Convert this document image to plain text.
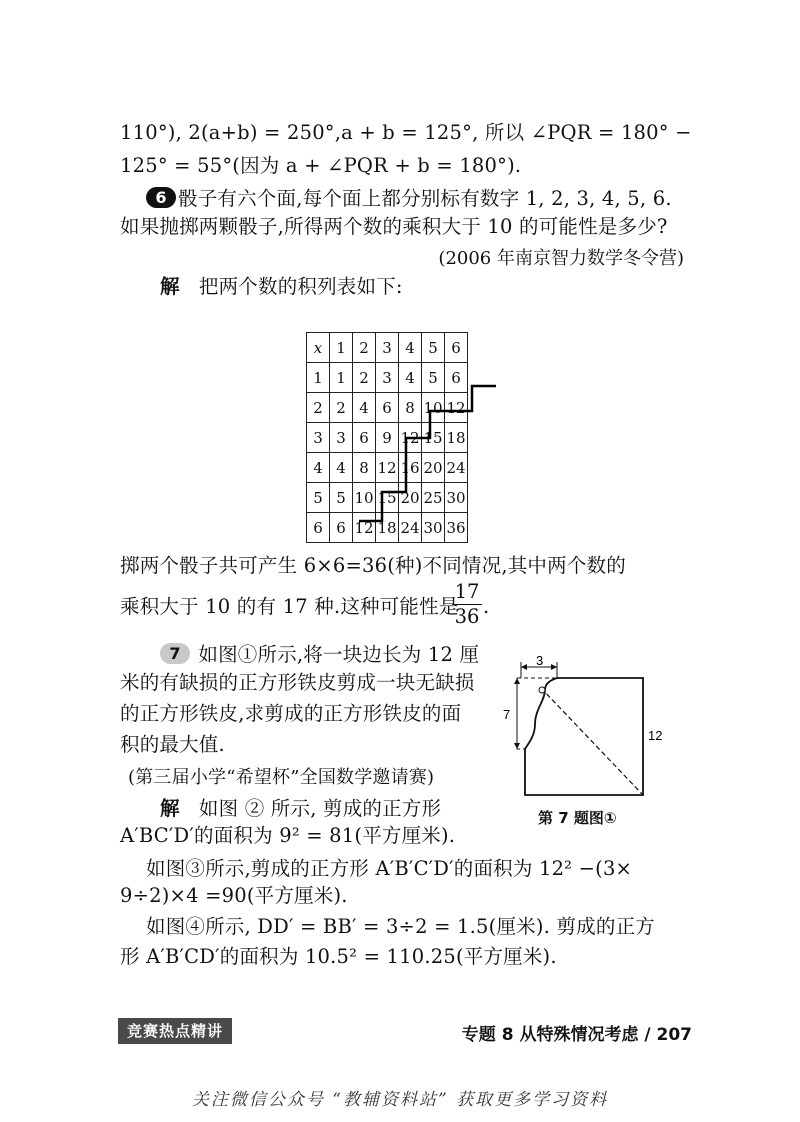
110°), 2(a+b) = 250°,a + b = 125°, 所以 ∠PQR = 180° −
125° = 55°(因为 a + ∠PQR + b = 180°).
6 骰子有六个面,每个面上都分别标有数字 1, 2, 3, 4, 5, 6.
如果抛掷两颗骰子,所得两个数的乘积大于 10 的可能性是多少?
(2006 年南京智力数学冬令营)
解 把两个数的积列表如下:
x	1	2	3	4	5	6
1	1	2	3	4	5	6
2	2	4	6	8	10	12
3	3	6	9	12	15	18
4	4	8	12	16	20	24
5	5	10	15	20	25	30
6	6	12	18	24	30	36
掷两个骰子共可产生 6×6=36(种)不同情况,其中两个数的
乘积大于 10 的有 17 种.这种可能性是
$\frac{17}{36}$ .
7 如图①所示,将一块边长为 12 厘
米的有缺损的正方形铁皮剪成一块无缺损
的正方形铁皮,求剪成的正方形铁皮的面
积的最大值.
(第三届小学“希望杯”全国数学邀请赛)
解 如图 ② 所示, 剪成的正方形
A′BC′D′的面积为 9² = 81(平方厘米).
如图③所示,剪成的正方形 A′B′C′D′的面积为 12² −(3×
9÷2)×4 =90(平方厘米).
如图④所示, DD′ = BB′ = 3÷2 = 1.5(厘米). 剪成的正方
形 A′B′CD′的面积为 10.5² = 110.25(平方厘米).
3
7
12
第 7 题图①
竞赛热点精讲	专题 8 从特殊情况考虑 / 207
关注微信公众号 “教辅资料站” 获取更多学习资料
